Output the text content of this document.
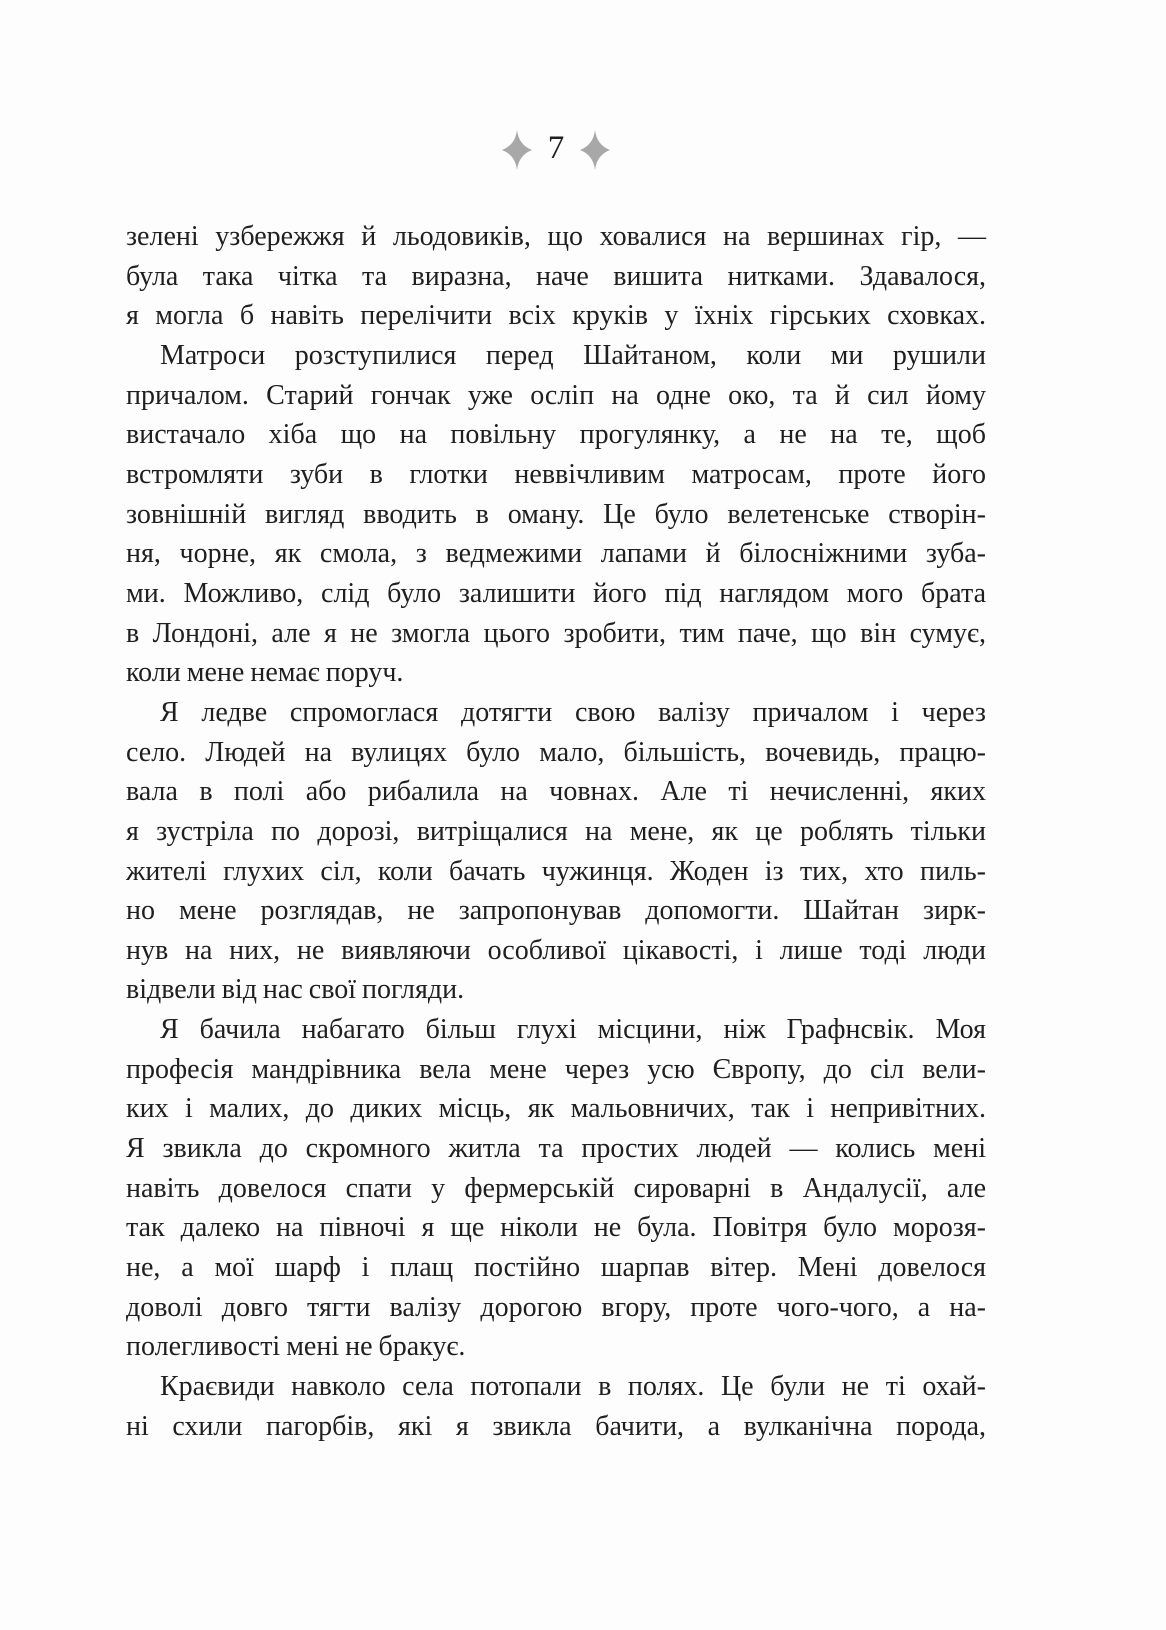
7
зелені узбережжя й льодовиків, що ховалися на вершинах гір, —
була така чітка та виразна, наче вишита нитками. Здавалося,
я могла б навіть перелічити всіх круків у їхніх гірських сховках.
Матроси розступилися перед Шайтаном, коли ми рушили
причалом. Старий гончак уже осліп на одне око, та й сил йому
вистачало хіба що на повільну прогулянку, а не на те, щоб
встромляти зуби в глотки неввічливим матросам, проте його
зовнішній вигляд вводить в оману. Це було велетенське створін-
ня, чорне, як смола, з ведмежими лапами й білосніжними зуба-
ми. Можливо, слід було залишити його під наглядом мого брата
в Лондоні, але я не змогла цього зробити, тим паче, що він сумує,
коли мене немає поруч.
Я ледве спромоглася дотягти свою валізу причалом і через
село. Людей на вулицях було мало, більшість, вочевидь, працю-
вала в полі або рибалила на човнах. Але ті нечисленні, яких
я зустріла по дорозі, витріщалися на мене, як це роблять тільки
жителі глухих сіл, коли бачать чужинця. Жоден із тих, хто пиль-
но мене розглядав, не запропонував допомогти. Шайтан зирк-
нув на них, не виявляючи особливої цікавості, і лише тоді люди
відвели від нас свої погляди.
Я бачила набагато більш глухі місцини, ніж Графнсвік. Моя
професія мандрівника вела мене через усю Європу, до сіл вели-
ких і малих, до диких місць, як мальовничих, так і непривітних.
Я звикла до скромного житла та простих людей — колись мені
навіть довелося спати у фермерській сироварні в Андалусії, але
так далеко на півночі я ще ніколи не була. Повітря було морозя-
не, а мої шарф і плащ постійно шарпав вітер. Мені довелося
доволі довго тягти валізу дорогою вгору, проте чого-чого, а на-
полегливості мені не бракує.
Краєвиди навколо села потопали в полях. Це були не ті охай-
ні схили пагорбів, які я звикла бачити, а вулканічна порода,
